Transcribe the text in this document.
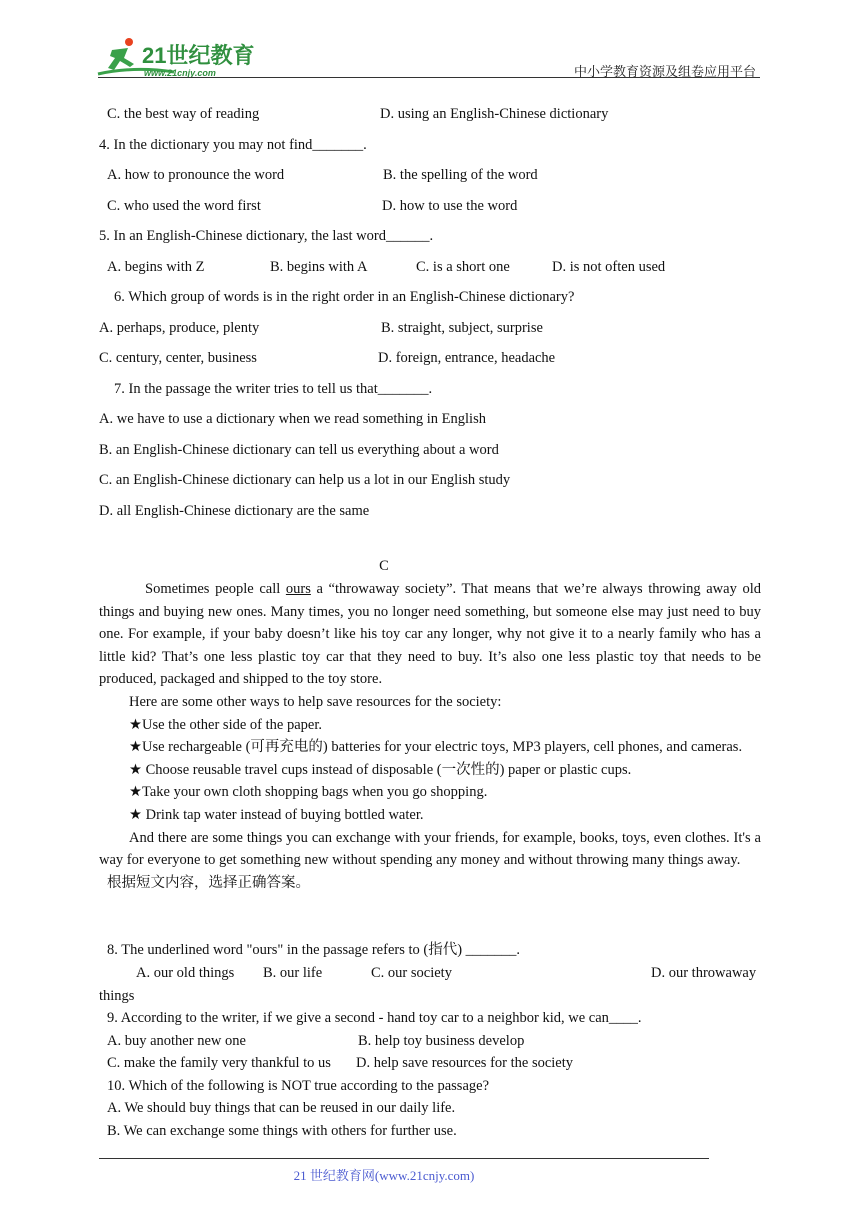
21世纪教育
www.21cnjy.com	中小学教育资源及组卷应用平台
C. the best way of reading	D. using an English-Chinese dictionary
4. In the dictionary you may not find_______.
A. how to pronounce the word	B. the spelling of the word
C. who used the word first	D. how to use the word
5. In an English-Chinese dictionary, the last word______.
A. begins with Z	B. begins with A	C. is a short one	D. is not often used
6. Which group of words is in the right order in an English-Chinese dictionary?
A. perhaps, produce, plenty	B. straight, subject, surprise
C. century, center, business	D. foreign, entrance, headache
7. In the passage the writer tries to tell us that_______.
A. we have to use a dictionary when we read something in English
B. an English-Chinese dictionary can tell us everything about a word
C. an English-Chinese dictionary can help us a lot in our English study
D. all English-Chinese dictionary are the same
C

Sometimes people call ours a “throwaway society”. That means that we’re always throwing away old things and buying new ones. Many times, you no longer need something, but someone else may just need to buy one. For example, if your baby doesn’t like his toy car any longer, why not give it to a nearly family who has a little kid? That’s one less plastic toy car that they need to buy. It’s also one less plastic toy that needs to be produced, packaged and shipped to the toy store.

Here are some other ways to help save resources for the society:

★Use the other side of the paper.

★Use rechargeable (可再充电的) batteries for your electric toys, MP3 players, cell phones, and cameras.

★ Choose reusable travel cups instead of disposable (一次性的) paper or plastic cups.

★Take your own cloth shopping bags when you go shopping.

★ Drink tap water instead of buying bottled water.

And there are some things you can exchange with your friends, for example, books, toys, even clothes. It's a way for everyone to get something new without spending any money and without throwing many things away.

根据短文内容，选择正确答案。

8. The underlined word "ours" in the passage refers to (指代) _______.
A. our old things B. our life	C. our society	D. our throwaway
things
9. According to the writer, if we give a second - hand toy car to a neighbor kid, we can____.
A. buy another new one	B. help toy business develop
C. make the family very thankful to us D. help save resources for the society
10. Which of the following is NOT true according to the passage?
A. We should buy things that can be reused in our daily life.
B. We can exchange some things with others for further use.
21 世纪教育网(www.21cnjy.com)
